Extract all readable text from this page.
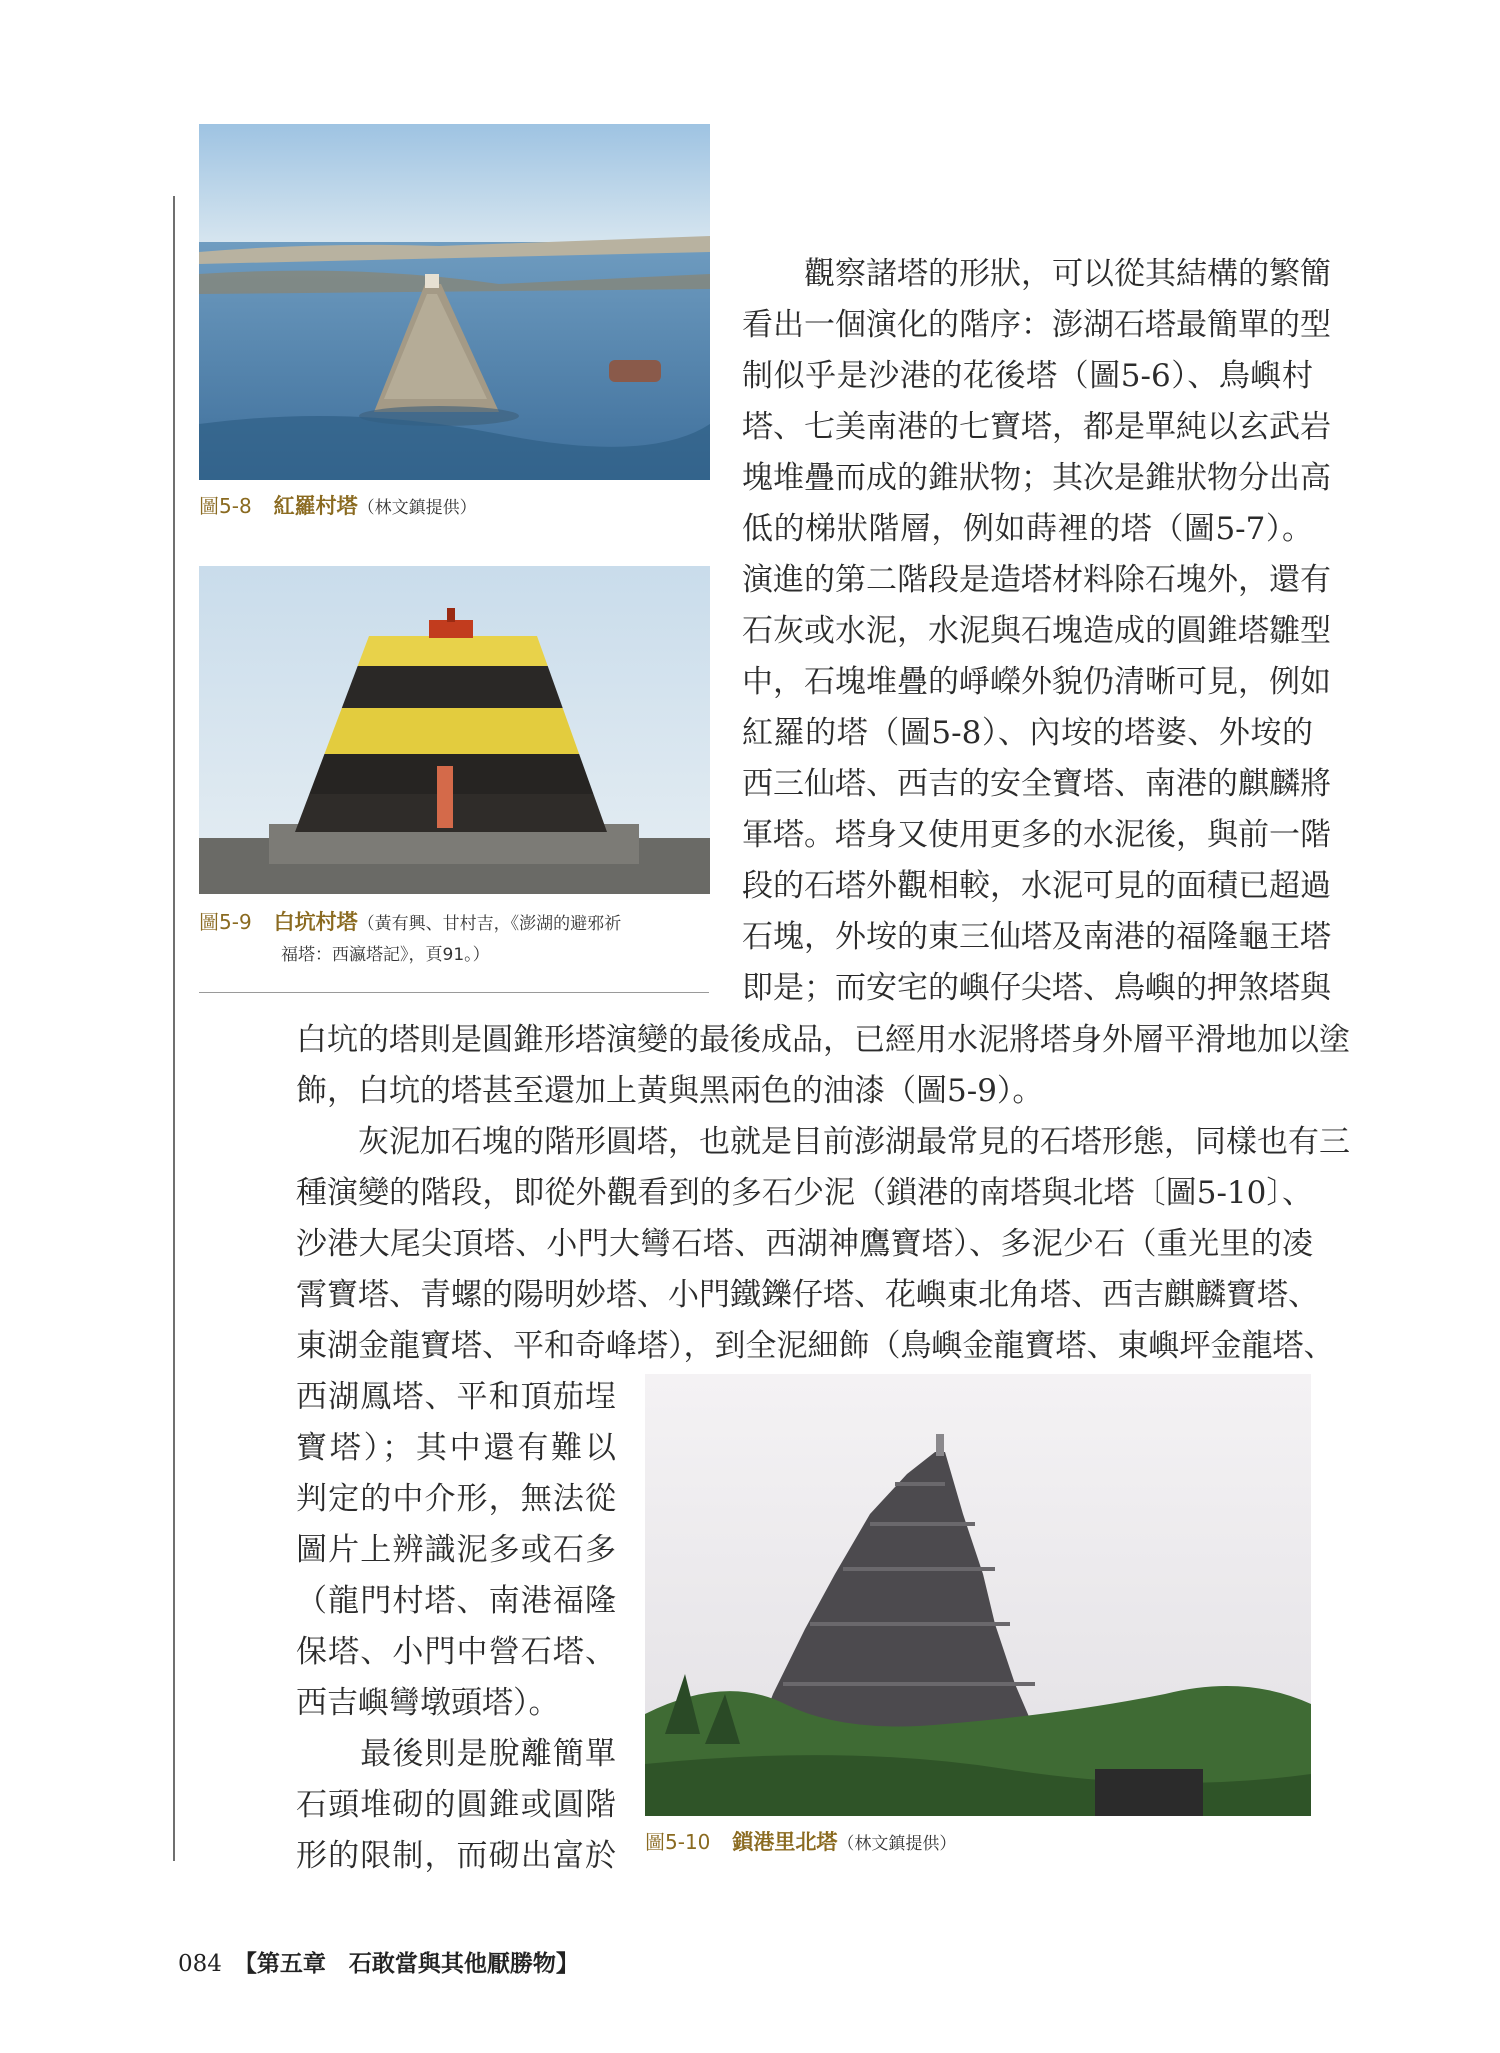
圖5-8 紅羅村塔（林文鎮提供）
圖5-9 白坑村塔（黃有興、甘村吉，《澎湖的避邪祈
福塔：西瀛塔記》，頁91。）
圖5-10 鎖港里北塔（林文鎮提供）

　　觀察諸塔的形狀，可以從其結構的繁簡

看出一個演化的階序：澎湖石塔最簡單的型

制似乎是沙港的花後塔（圖5-6）、鳥嶼村

塔、七美南港的七寶塔，都是單純以玄武岩

塊堆疊而成的錐狀物；其次是錐狀物分出高

低的梯狀階層，例如蒔裡的塔（圖5-7）。

演進的第二階段是造塔材料除石塊外，還有

石灰或水泥，水泥與石塊造成的圓錐塔雛型

中，石塊堆疊的崢嶸外貌仍清晰可見，例如

紅羅的塔（圖5-8）、內垵的塔婆、外垵的

西三仙塔、西吉的安全寶塔、南港的麒麟將

軍塔。塔身又使用更多的水泥後，與前一階

段的石塔外觀相較，水泥可見的面積已超過

石塊，外垵的東三仙塔及南港的福隆龜王塔

即是；而安宅的嶼仔尖塔、鳥嶼的押煞塔與

白坑的塔則是圓錐形塔演變的最後成品，已經用水泥將塔身外層平滑地加以塗

飾，白坑的塔甚至還加上黃與黑兩色的油漆（圖5-9）。

　　灰泥加石塊的階形圓塔，也就是目前澎湖最常見的石塔形態，同樣也有三

種演變的階段，即從外觀看到的多石少泥（鎖港的南塔與北塔〔圖5-10〕、

沙港大尾尖頂塔、小門大彎石塔、西湖神鷹寶塔）、多泥少石（重光里的凌

霄寶塔、青螺的陽明妙塔、小門鐵鑠仔塔、花嶼東北角塔、西吉麒麟寶塔、

東湖金龍寶塔、平和奇峰塔），到全泥細飾（鳥嶼金龍寶塔、東嶼坪金龍塔、

西湖鳳塔、平和頂茄埕

寶塔）；其中還有難以

判定的中介形，無法從

圖片上辨識泥多或石多

（龍門村塔、南港福隆

保塔、小門中營石塔、

西吉嶼彎墩頭塔）。

　　最後則是脫離簡單

石頭堆砌的圓錐或圓階

形的限制，而砌出富於

084 【第五章　石敢當與其他厭勝物】
